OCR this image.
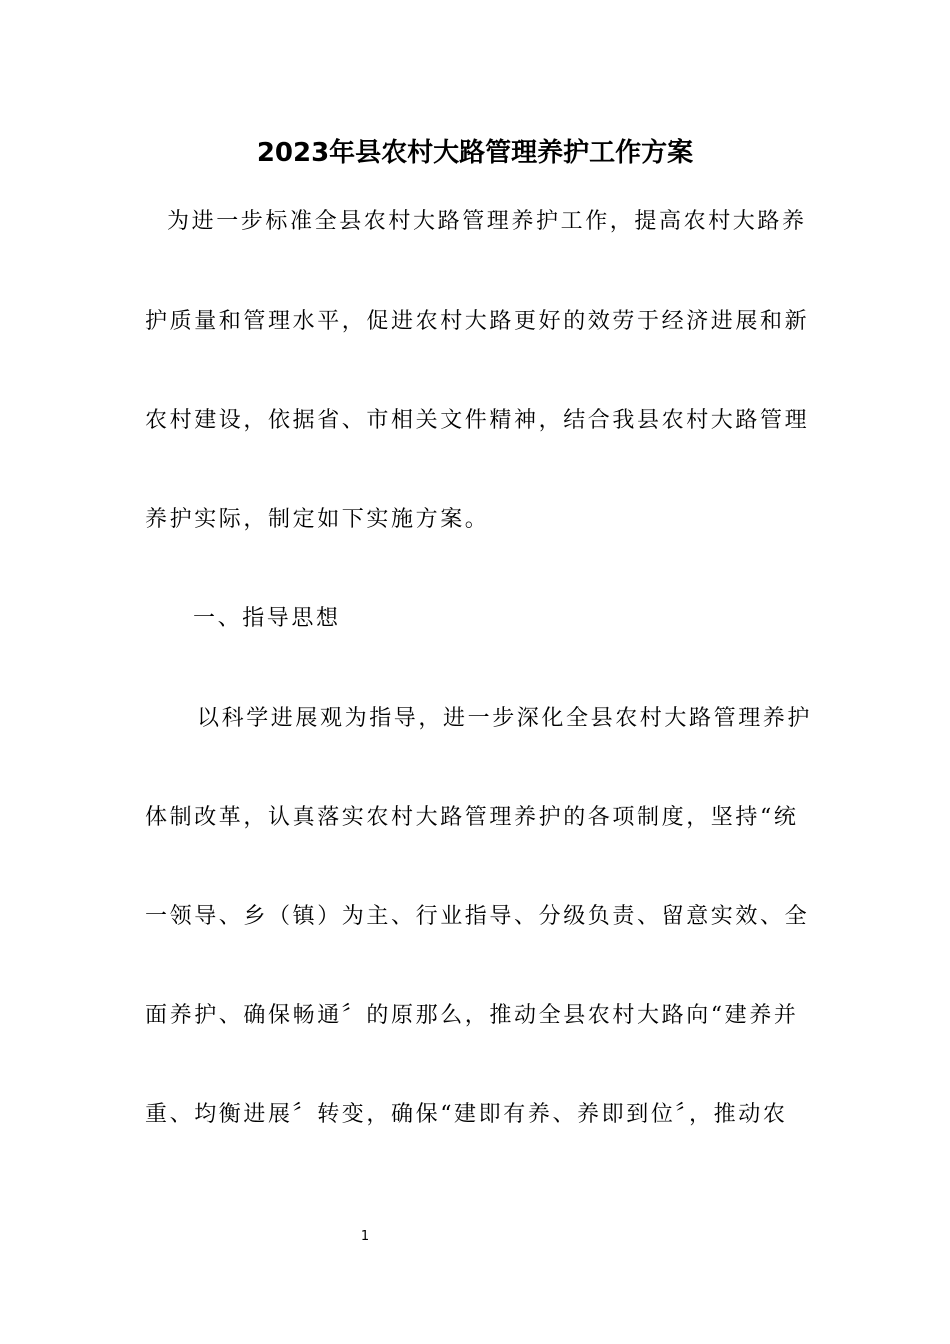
2023年县农村大路管理养护工作方案
为进一步标准全县农村大路管理养护工作，提高农村大路养
护质量和管理水平，促进农村大路更好的效劳于经济进展和新
农村建设，依据省、市相关文件精神，结合我县农村大路管理
养护实际，制定如下实施方案。
一、指导思想
以科学进展观为指导，进一步深化全县农村大路管理养护
体制改革，认真落实农村大路管理养护的各项制度，坚持“统
一领导、乡（镇）为主、行业指导、分级负责、留意实效、全
面养护、确保畅通〞的原那么，推动全县农村大路向“建养并
重、均衡进展〞转变，确保“建即有养、养即到位〞，推动农
1
